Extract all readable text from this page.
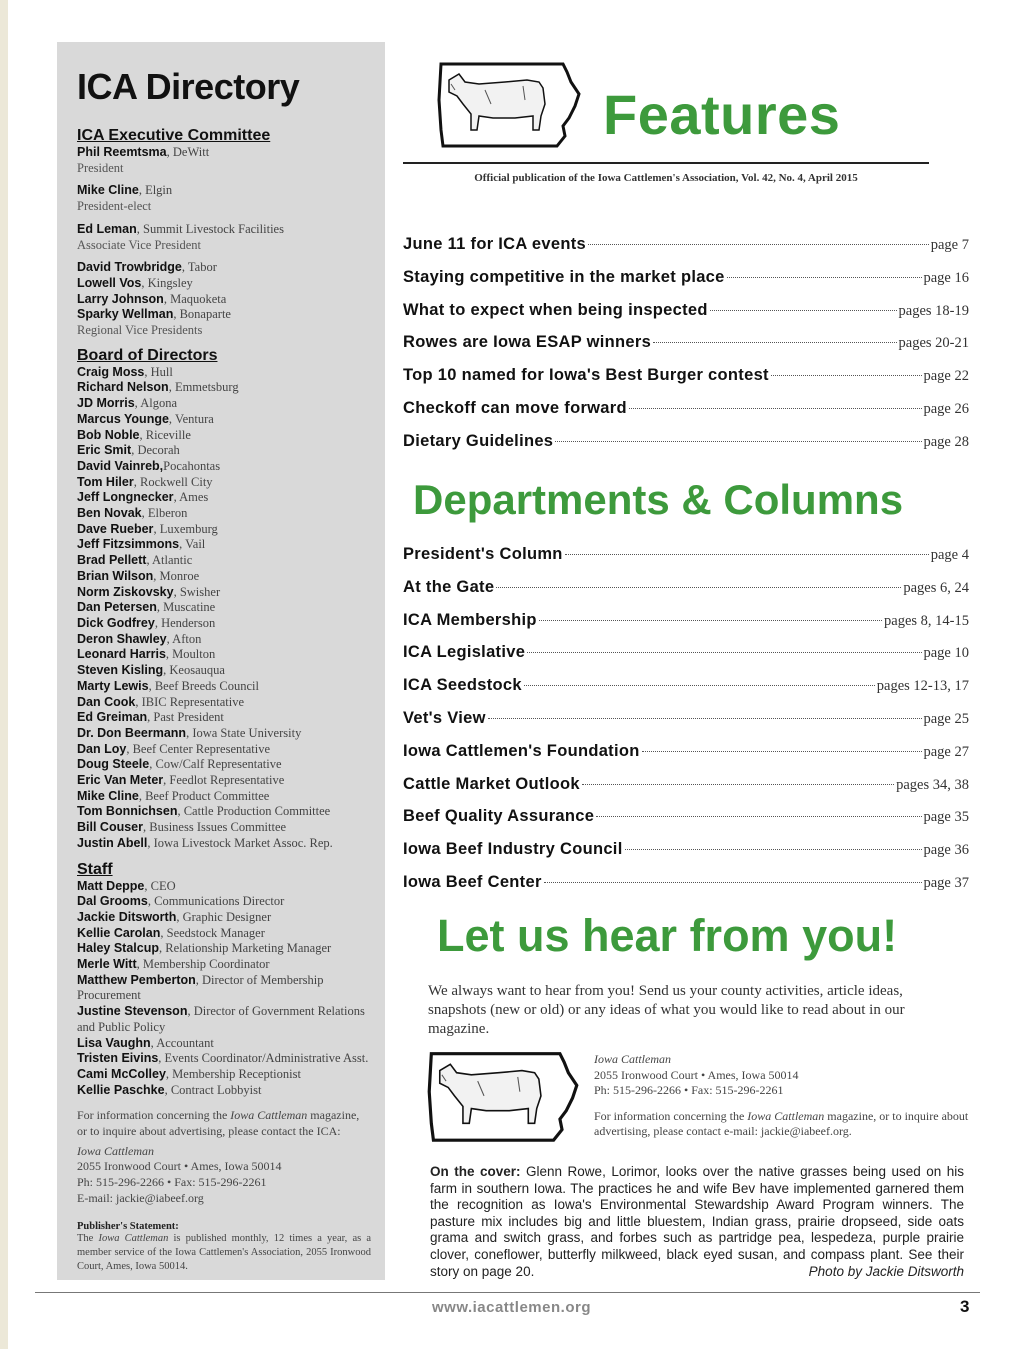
ICA Directory
ICA Executive Committee
Phil Reemtsma, DeWitt
President
Mike Cline, Elgin
President-elect
Ed Leman, Summit Livestock Facilities
Associate Vice President
David Trowbridge, Tabor
Lowell Vos, Kingsley
Larry Johnson, Maquoketa
Sparky Wellman, Bonaparte
Regional Vice Presidents
Board of Directors
Craig Moss, Hull
Richard Nelson, Emmetsburg
JD Morris, Algona
Marcus Younge, Ventura
Bob Noble, Riceville
Eric Smit, Decorah
David Vainreb,Pocahontas
Tom Hiler, Rockwell City
Jeff Longnecker, Ames
Ben Novak, Elberon
Dave Rueber, Luxemburg
Jeff Fitzsimmons, Vail
Brad Pellett, Atlantic
Brian Wilson, Monroe
Norm Ziskovsky, Swisher
Dan Petersen, Muscatine
Dick Godfrey, Henderson
Deron Shawley, Afton
Leonard Harris, Moulton
Steven Kisling, Keosauqua
Marty Lewis, Beef Breeds Council
Dan Cook, IBIC Representative
Ed Greiman, Past President
Dr. Don Beermann, Iowa State University
Dan Loy, Beef Center Representative
Doug Steele, Cow/Calf Representative
Eric Van Meter, Feedlot Representative
Mike Cline, Beef Product Committee
Tom Bonnichsen, Cattle Production Committee
Bill Couser, Business Issues Committee
Justin Abell, Iowa Livestock Market Assoc. Rep.
Staff
Matt Deppe, CEO
Dal Grooms, Communications Director
Jackie Ditsworth, Graphic Designer
Kellie Carolan, Seedstock Manager
Haley Stalcup, Relationship Marketing Manager
Merle Witt, Membership Coordinator
Matthew Pemberton, Director of Membership Procurement
Justine Stevenson, Director of Government Relations and Public Policy
Lisa Vaughn, Accountant
Tristen Eivins, Events Coordinator/Administrative Asst.
Cami McColley, Membership Receptionist
Kellie Paschke, Contract Lobbyist
For information concerning the Iowa Cattleman magazine, or to inquire about advertising, please contact the ICA:
Iowa Cattleman
2055 Ironwood Court • Ames, Iowa 50014
Ph: 515-296-2266 • Fax: 515-296-2261
E-mail: jackie@iabeef.org
Publisher's Statement:
The Iowa Cattleman is published monthly, 12 times a year, as a member service of the Iowa Cattlemen's Association, 2055 Ironwood Court, Ames, Iowa 50014.
Features
Official publication of the Iowa Cattlemen's Association, Vol. 42, No. 4, April 2015
June 11 for ICA events	page 7
Staying competitive in the market place	page 16
What to expect when being inspected	pages 18-19
Rowes are Iowa ESAP winners	pages 20-21
Top 10 named for Iowa's Best Burger contest	page 22
Checkoff can move forward	page 26
Dietary Guidelines	page 28
Departments & Columns
President's Column	page 4
At the Gate	pages 6, 24
ICA Membership	pages 8, 14-15
ICA Legislative	page 10
ICA Seedstock	pages 12-13, 17
Vet's View	page 25
Iowa Cattlemen's Foundation	page 27
Cattle Market Outlook	pages 34, 38
Beef Quality Assurance	page 35
Iowa Beef Industry Council	page 36
Iowa Beef Center	page 37
Let us hear from you!

We always want to hear from you! Send us your county activities, article ideas, snapshots (new or old) or any ideas of what you would like to read about in our magazine.

Iowa Cattleman
2055 Ironwood Court • Ames, Iowa 50014
Ph: 515-296-2266 • Fax: 515-296-2261
For information concerning the Iowa Cattleman magazine, or to inquire about advertising, please contact e-mail: jackie@iabeef.org.

On the cover: Glenn Rowe, Lorimor, looks over the native grasses being used on his farm in southern Iowa. The practices he and wife Bev have implemented garnered them the recognition as Iowa's Environmental Stewardship Award Program winners. The pasture mix includes big and little bluestem, Indian grass, prairie dropseed, side oats grama and switch grass, and forbes such as partridge pea, lespedeza, purple prairie clover, coneflower, butterfly milkweed, black eyed susan, and compass plant. See their story on page 20.	Photo by Jackie Ditsworth

www.iacattlemen.org	3
